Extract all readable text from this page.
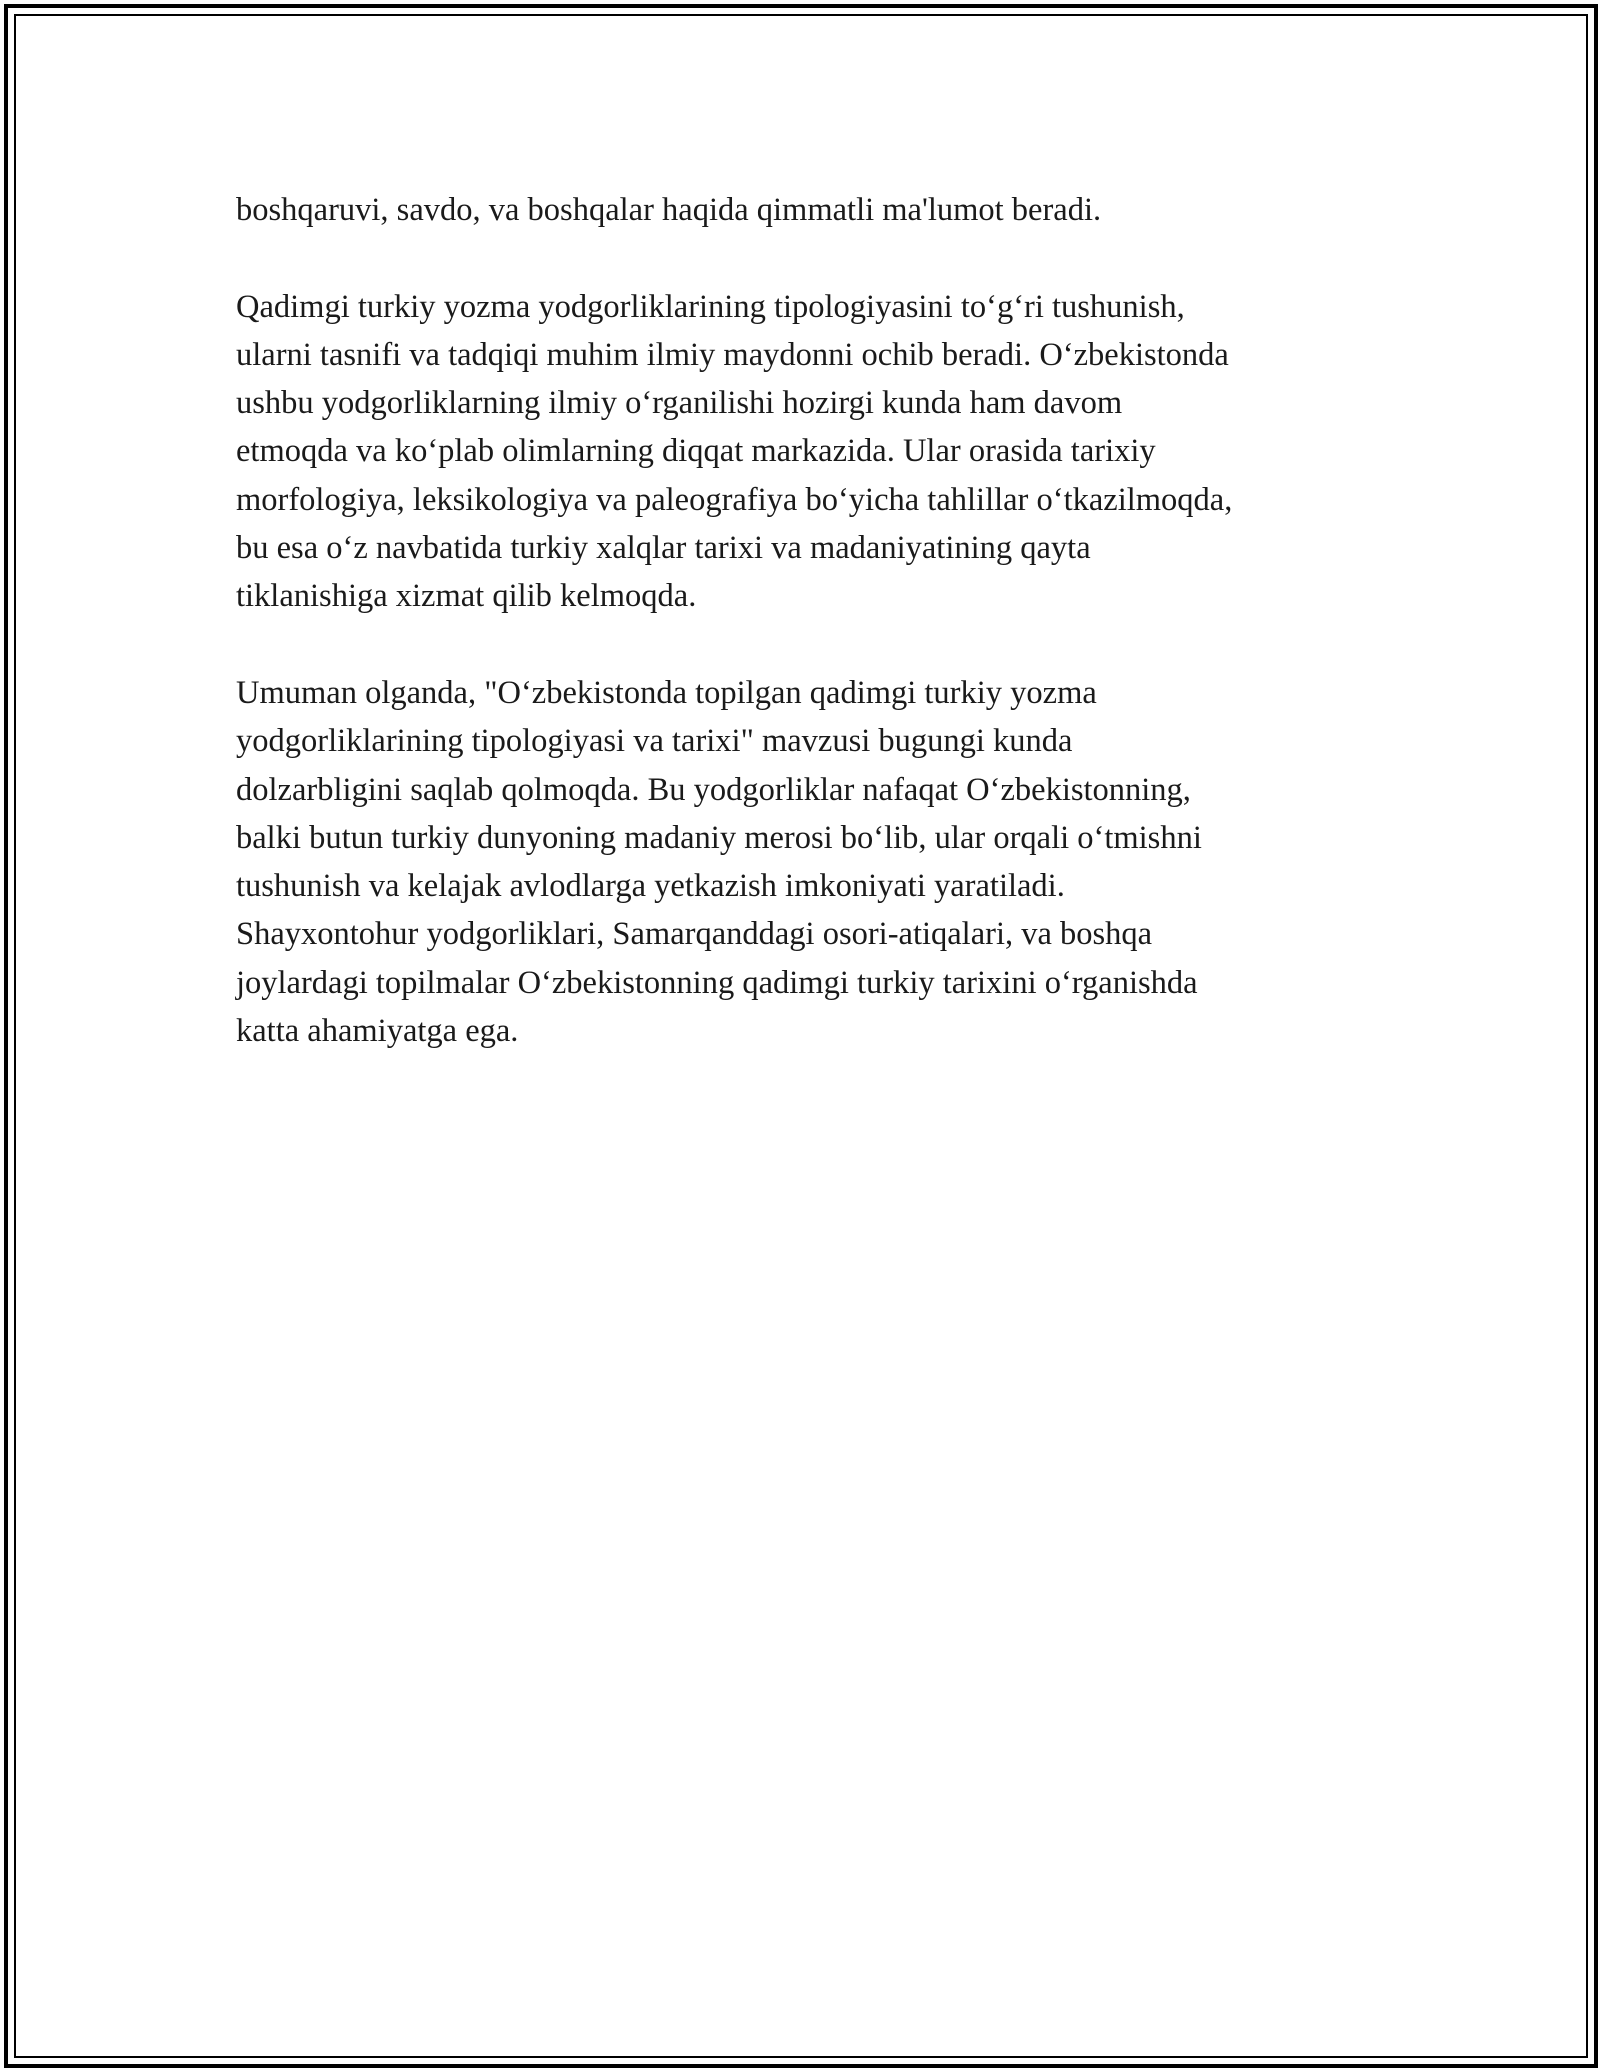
boshqaruvi, savdo, va boshqalar haqida qimmatli ma'lumot beradi.

Qadimgi turkiy yozma yodgorliklarining tipologiyasini to‘g‘ri tushunish,
ularni tasnifi va tadqiqi muhim ilmiy maydonni ochib beradi. O‘zbekistonda
ushbu yodgorliklarning ilmiy o‘rganilishi hozirgi kunda ham davom
etmoqda va ko‘plab olimlarning diqqat markazida. Ular orasida tarixiy
morfologiya, leksikologiya va paleografiya bo‘yicha tahlillar o‘tkazilmoqda,
bu esa o‘z navbatida turkiy xalqlar tarixi va madaniyatining qayta
tiklanishiga xizmat qilib kelmoqda.

Umuman olganda, "O‘zbekistonda topilgan qadimgi turkiy yozma
yodgorliklarining tipologiyasi va tarixi" mavzusi bugungi kunda
dolzarbligini saqlab qolmoqda. Bu yodgorliklar nafaqat O‘zbekistonning,
balki butun turkiy dunyoning madaniy merosi bo‘lib, ular orqali o‘tmishni
tushunish va kelajak avlodlarga yetkazish imkoniyati yaratiladi.
Shayxontohur yodgorliklari, Samarqanddagi osori-atiqalari, va boshqa
joylardagi topilmalar O‘zbekistonning qadimgi turkiy tarixini o‘rganishda
katta ahamiyatga ega.
